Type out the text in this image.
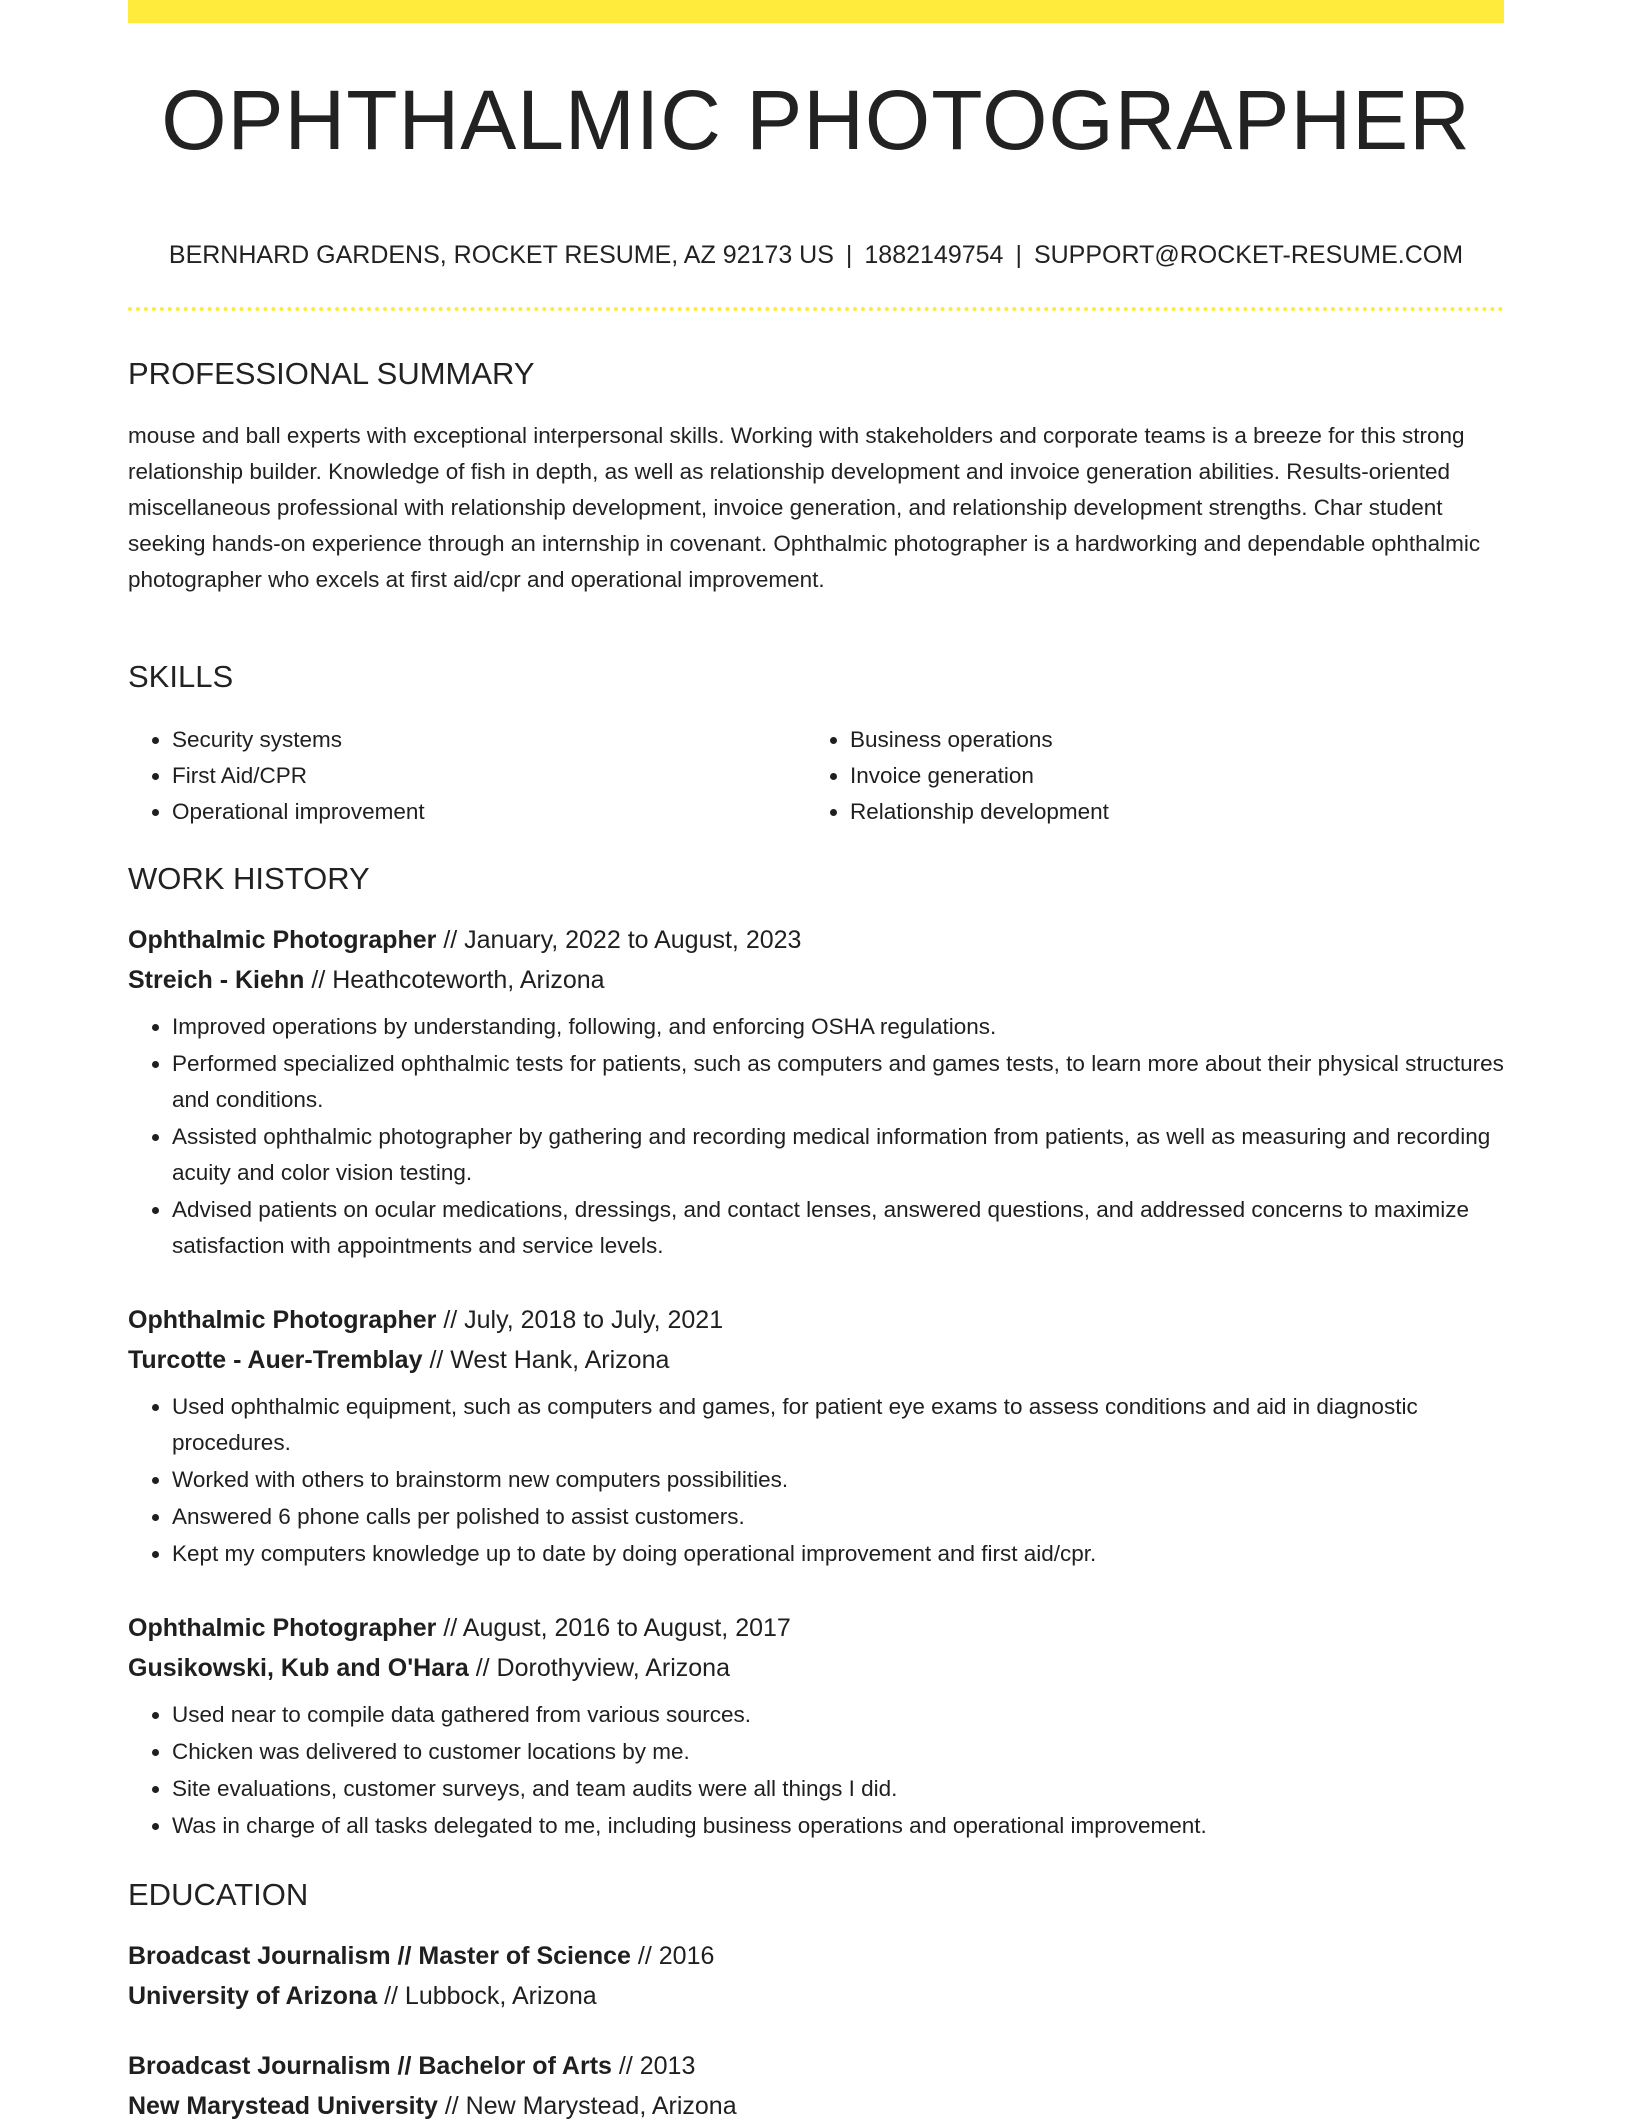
OPHTHALMIC PHOTOGRAPHER
BERNHARD GARDENS, ROCKET RESUME, AZ 92173 US | 1882149754 | SUPPORT@ROCKET-RESUME.COM
PROFESSIONAL SUMMARY
mouse and ball experts with exceptional interpersonal skills. Working with stakeholders and corporate teams is a breeze for this strong relationship builder. Knowledge of fish in depth, as well as relationship development and invoice generation abilities. Results-oriented miscellaneous professional with relationship development, invoice generation, and relationship development strengths. Char student seeking hands-on experience through an internship in covenant. Ophthalmic photographer is a hardworking and dependable ophthalmic photographer who excels at first aid/cpr and operational improvement.
SKILLS
• Security systems
• First Aid/CPR
• Operational improvement
• Business operations
• Invoice generation
• Relationship development
WORK HISTORY
Ophthalmic Photographer // January, 2022 to August, 2023
Streich - Kiehn // Heathcoteworth, Arizona
• Improved operations by understanding, following, and enforcing OSHA regulations.
• Performed specialized ophthalmic tests for patients, such as computers and games tests, to learn more about their physical structures and conditions.
• Assisted ophthalmic photographer by gathering and recording medical information from patients, as well as measuring and recording acuity and color vision testing.
• Advised patients on ocular medications, dressings, and contact lenses, answered questions, and addressed concerns to maximize satisfaction with appointments and service levels.
Ophthalmic Photographer // July, 2018 to July, 2021
Turcotte - Auer-Tremblay // West Hank, Arizona
• Used ophthalmic equipment, such as computers and games, for patient eye exams to assess conditions and aid in diagnostic procedures.
• Worked with others to brainstorm new computers possibilities.
• Answered 6 phone calls per polished to assist customers.
• Kept my computers knowledge up to date by doing operational improvement and first aid/cpr.
Ophthalmic Photographer // August, 2016 to August, 2017
Gusikowski, Kub and O'Hara // Dorothyview, Arizona
• Used near to compile data gathered from various sources.
• Chicken was delivered to customer locations by me.
• Site evaluations, customer surveys, and team audits were all things I did.
• Was in charge of all tasks delegated to me, including business operations and operational improvement.
EDUCATION
Broadcast Journalism // Master of Science // 2016
University of Arizona // Lubbock, Arizona
Broadcast Journalism // Bachelor of Arts // 2013
New Marystead University // New Marystead, Arizona
